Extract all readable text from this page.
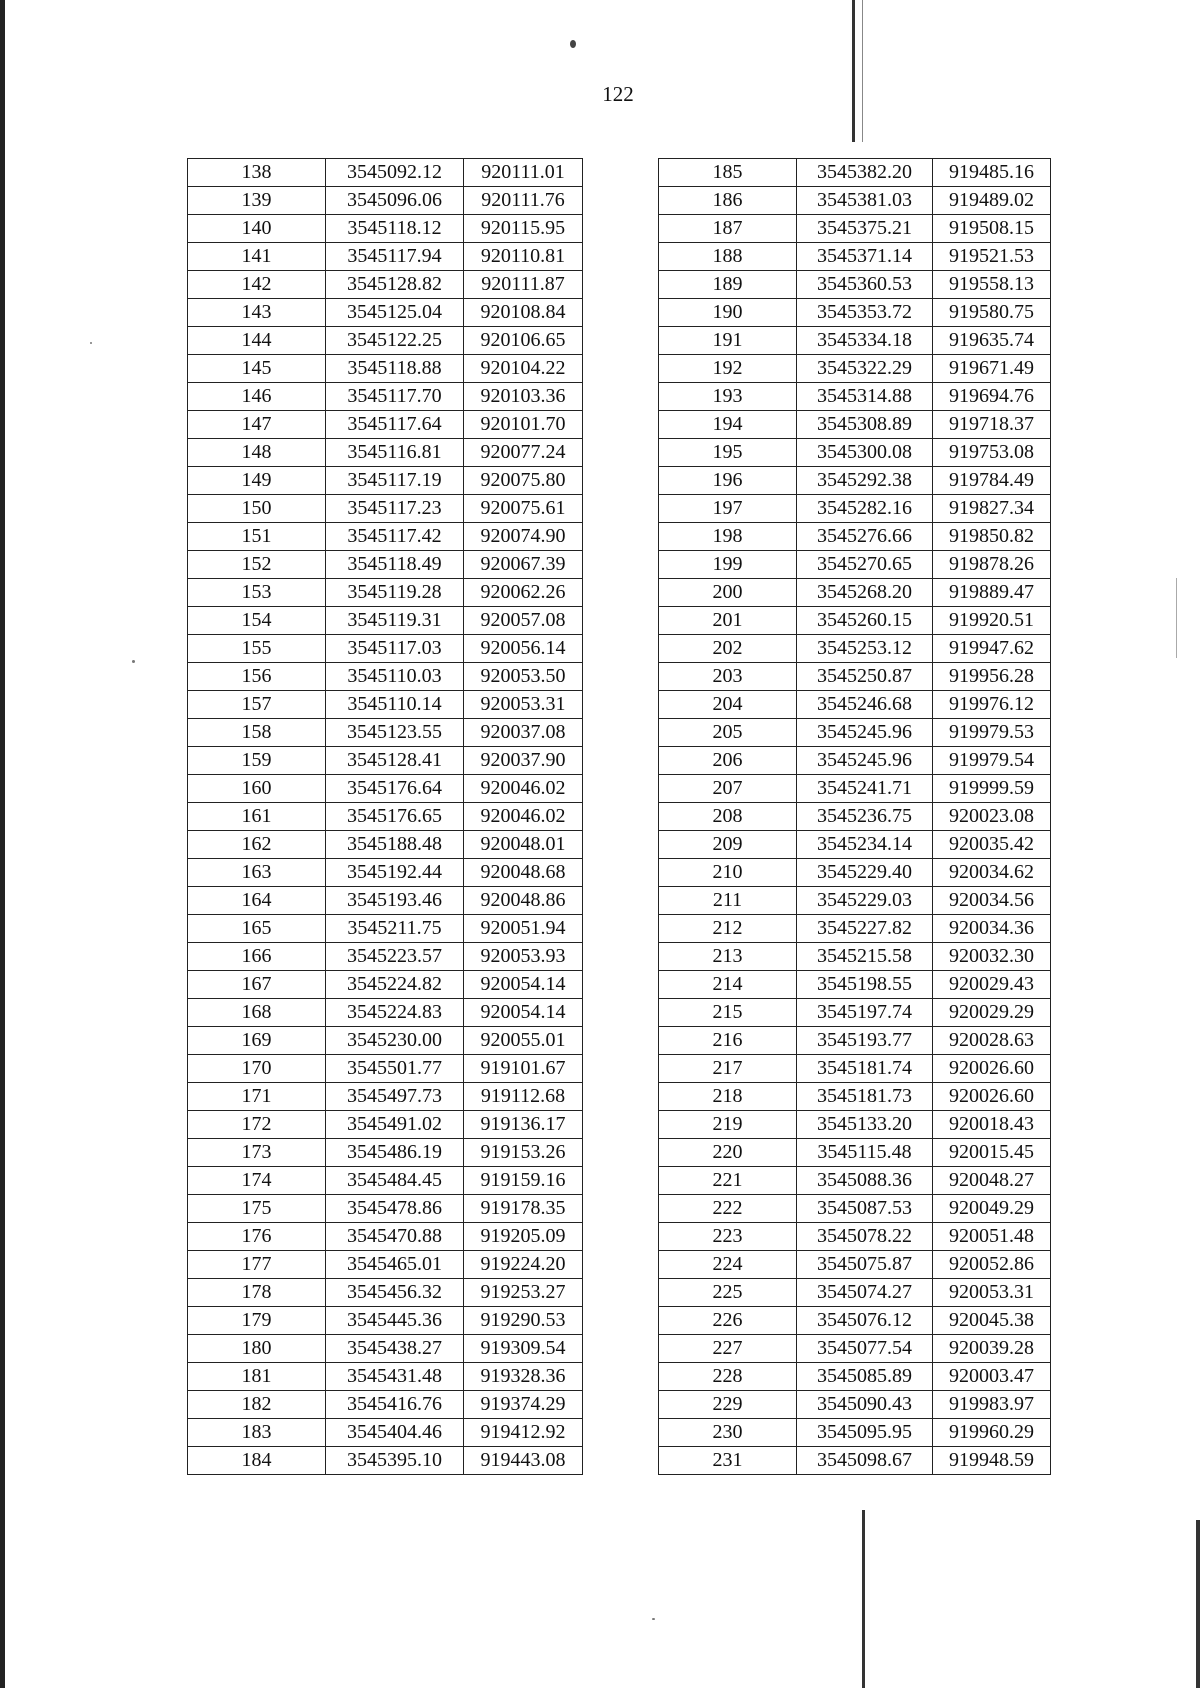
122
138	3545092.12	920111.01
139	3545096.06	920111.76
140	3545118.12	920115.95
141	3545117.94	920110.81
142	3545128.82	920111.87
143	3545125.04	920108.84
144	3545122.25	920106.65
145	3545118.88	920104.22
146	3545117.70	920103.36
147	3545117.64	920101.70
148	3545116.81	920077.24
149	3545117.19	920075.80
150	3545117.23	920075.61
151	3545117.42	920074.90
152	3545118.49	920067.39
153	3545119.28	920062.26
154	3545119.31	920057.08
155	3545117.03	920056.14
156	3545110.03	920053.50
157	3545110.14	920053.31
158	3545123.55	920037.08
159	3545128.41	920037.90
160	3545176.64	920046.02
161	3545176.65	920046.02
162	3545188.48	920048.01
163	3545192.44	920048.68
164	3545193.46	920048.86
165	3545211.75	920051.94
166	3545223.57	920053.93
167	3545224.82	920054.14
168	3545224.83	920054.14
169	3545230.00	920055.01
170	3545501.77	919101.67
171	3545497.73	919112.68
172	3545491.02	919136.17
173	3545486.19	919153.26
174	3545484.45	919159.16
175	3545478.86	919178.35
176	3545470.88	919205.09
177	3545465.01	919224.20
178	3545456.32	919253.27
179	3545445.36	919290.53
180	3545438.27	919309.54
181	3545431.48	919328.36
182	3545416.76	919374.29
183	3545404.46	919412.92
184	3545395.10	919443.08
185	3545382.20	919485.16
186	3545381.03	919489.02
187	3545375.21	919508.15
188	3545371.14	919521.53
189	3545360.53	919558.13
190	3545353.72	919580.75
191	3545334.18	919635.74
192	3545322.29	919671.49
193	3545314.88	919694.76
194	3545308.89	919718.37
195	3545300.08	919753.08
196	3545292.38	919784.49
197	3545282.16	919827.34
198	3545276.66	919850.82
199	3545270.65	919878.26
200	3545268.20	919889.47
201	3545260.15	919920.51
202	3545253.12	919947.62
203	3545250.87	919956.28
204	3545246.68	919976.12
205	3545245.96	919979.53
206	3545245.96	919979.54
207	3545241.71	919999.59
208	3545236.75	920023.08
209	3545234.14	920035.42
210	3545229.40	920034.62
211	3545229.03	920034.56
212	3545227.82	920034.36
213	3545215.58	920032.30
214	3545198.55	920029.43
215	3545197.74	920029.29
216	3545193.77	920028.63
217	3545181.74	920026.60
218	3545181.73	920026.60
219	3545133.20	920018.43
220	3545115.48	920015.45
221	3545088.36	920048.27
222	3545087.53	920049.29
223	3545078.22	920051.48
224	3545075.87	920052.86
225	3545074.27	920053.31
226	3545076.12	920045.38
227	3545077.54	920039.28
228	3545085.89	920003.47
229	3545090.43	919983.97
230	3545095.95	919960.29
231	3545098.67	919948.59
